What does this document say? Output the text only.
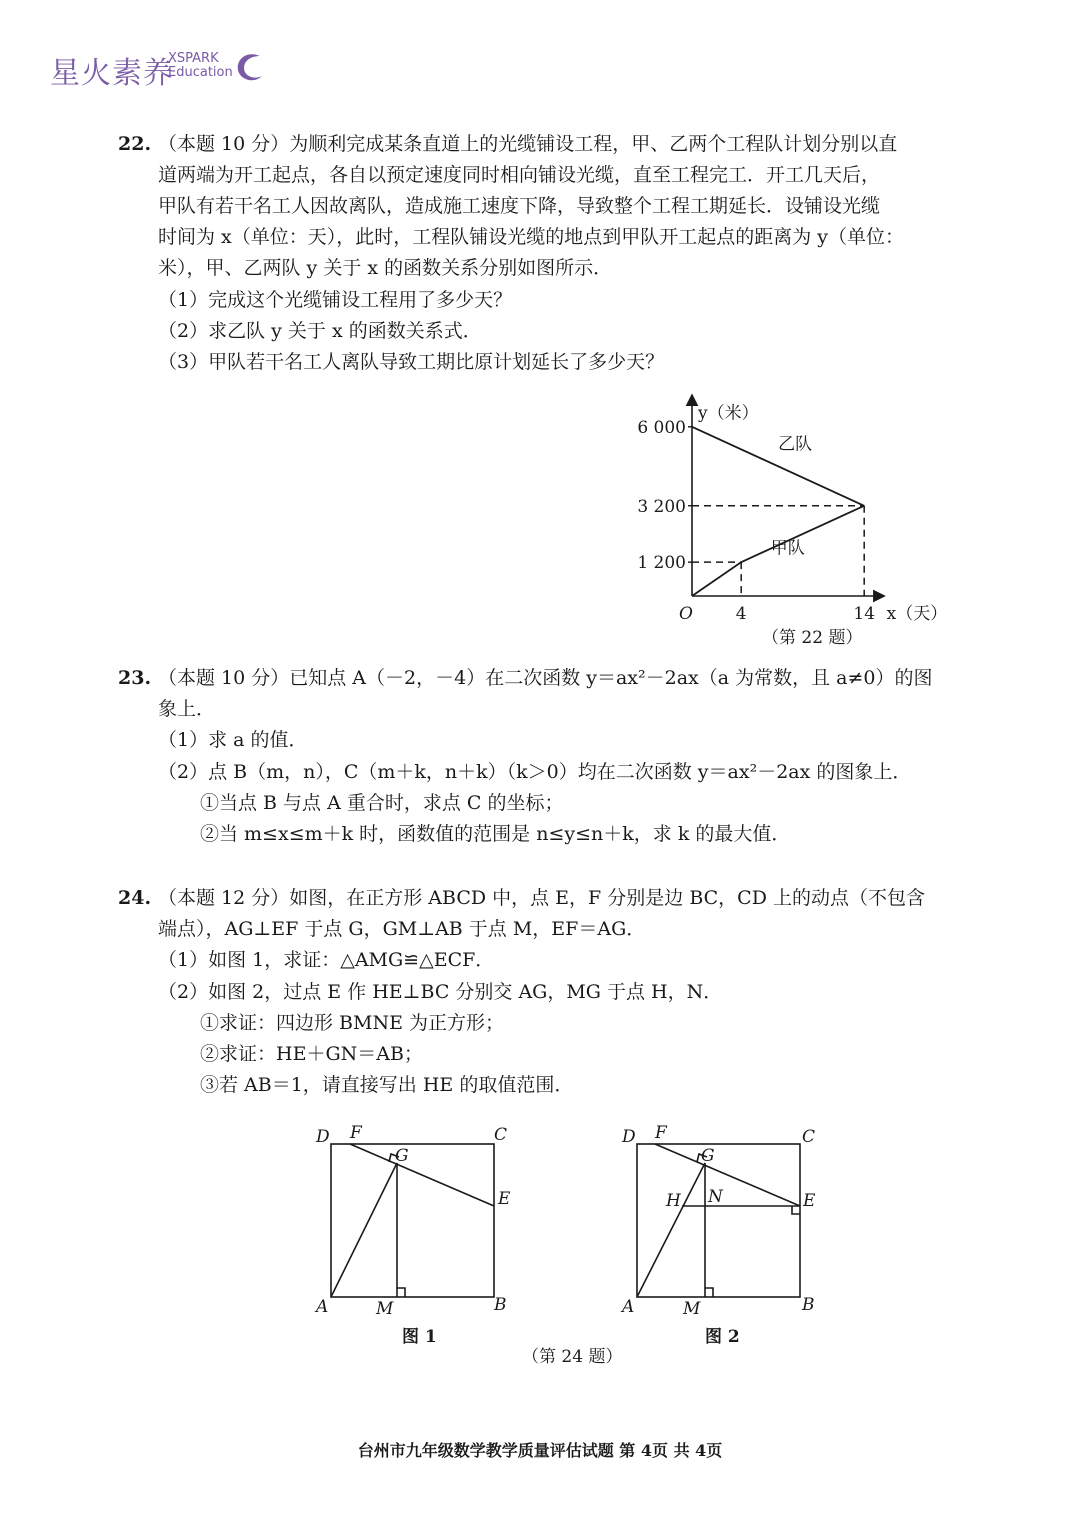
星火素养
XSPARK
Education
22. （本题 10 分）为顺利完成某条直道上的光缆铺设工程，甲、乙两个工程队计划分别以直
道两端为开工起点，各自以预定速度同时相向铺设光缆，直至工程完工．开工几天后，
甲队有若干名工人因故离队，造成施工速度下降，导致整个工程工期延长．设铺设光缆
时间为 x（单位：天），此时，工程队铺设光缆的地点到甲队开工起点的距离为 y（单位：
米），甲、乙两队 y 关于 x 的函数关系分别如图所示．
（1）完成这个光缆铺设工程用了多少天？
（2）求乙队 y 关于 x 的函数关系式．
（3）甲队若干名工人离队导致工期比原计划延长了多少天？
1 200
3 200
6 000
4	14
O	x（天）
y（米）
乙队
甲队
（第 22 题）
23. （本题 10 分）已知点 A（－2，－4）在二次函数 y＝ax²－2ax（a 为常数，且 a≠0）的图
象上．
（1）求 a 的值．
（2）点 B（m，n），C（m＋k，n＋k）（k＞0）均在二次函数 y＝ax²－2ax 的图象上．
①当点 B 与点 A 重合时，求点 C 的坐标；
②当 m≤x≤m＋k 时，函数值的范围是 n≤y≤n＋k，求 k 的最大值．
24. （本题 12 分）如图，在正方形 ABCD 中，点 E，F 分别是边 BC，CD 上的动点（不包含
端点），AG⊥EF 于点 G，GM⊥AB 于点 M，EF＝AG．
（1）如图 1，求证：△AMG≌△ECF．
（2）如图 2，过点 E 作 HE⊥BC 分别交 AG，MG 于点 H，N．
①求证：四边形 BMNE 为正方形；
②求证：HE＋GN＝AB；
③若 AB＝1，请直接写出 HE 的取值范围．
D F
G
C
E
A	M	B
图 1
D F
G
C
H N	E
A	M	B
图 2
（第 24 题）
台州市九年级数学教学质量评估试题 第 4页 共 4页
